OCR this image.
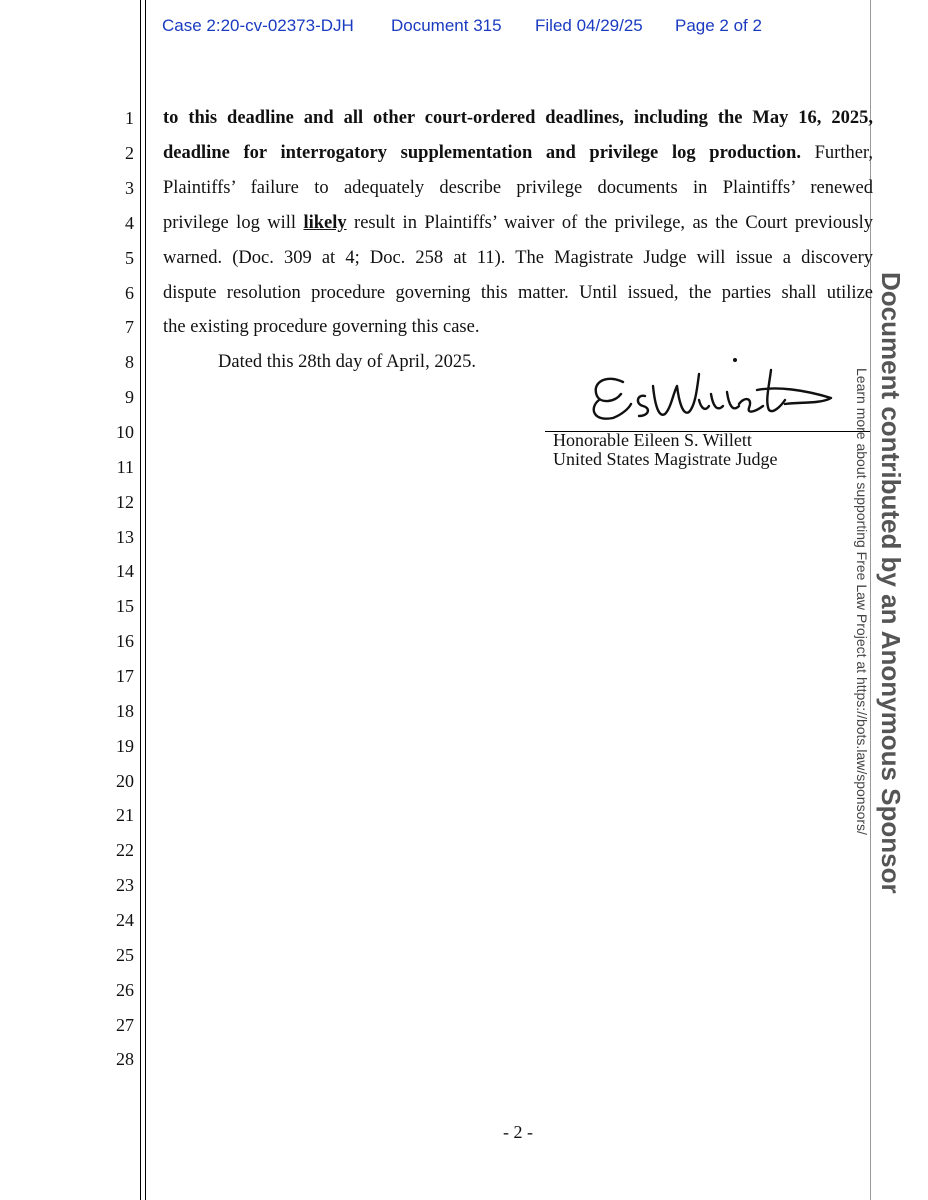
Case 2:20-cv-02373-DJH Document 315 Filed 04/29/25 Page 2 of 2
1
2
3
4
5
6
7
8
9
10
11
12
13
14
15
16
17
18
19
20
21
22
23
24
25
26
27
28
to this deadline and all other court-ordered deadlines, including the May 16, 2025,
deadline for interrogatory supplementation and privilege log production. Further,
Plaintiffs’ failure to adequately describe privilege documents in Plaintiffs’ renewed
privilege log will likely result in Plaintiffs’ waiver of the privilege, as the Court previously
warned. (Doc. 309 at 4; Doc. 258 at 11). The Magistrate Judge will issue a discovery
dispute resolution procedure governing this matter. Until issued, the parties shall utilize
the existing procedure governing this case.
Dated this 28th day of April, 2025.
Honorable Eileen S. Willett
United States Magistrate Judge
- 2 -
Document contributed by an Anonymous Sponsor
Learn more about supporting Free Law Project at https://bots.law/sponsors/
